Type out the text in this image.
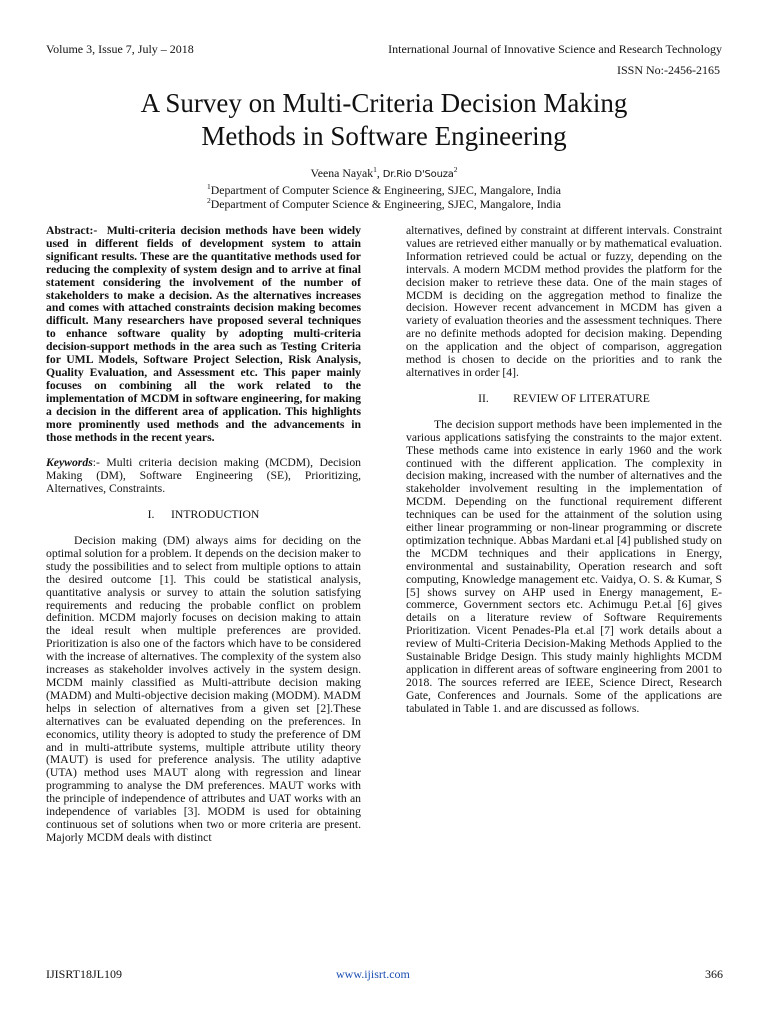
Volume 3, Issue 7, July – 2018	International Journal of Innovative Science and Research Technology
ISSN No:-2456-2165
A Survey on Multi-Criteria Decision Making
Methods in Software Engineering
Veena Nayak$^1$, Dr.Rio D'Souza$^2$
$^1$Department of Computer Science & Engineering, SJEC, Mangalore, India
$^2$Department of Computer Science & Engineering, SJEC, Mangalore, India

Abstract:- Multi-criteria decision methods have been widely used in different fields of development system to attain significant results. These are the quantitative methods used for reducing the complexity of system design and to arrive at final statement considering the involvement of the number of stakeholders to make a decision. As the alternatives increases and comes with attached constraints decision making becomes difficult. Many researchers have proposed several techniques to enhance software quality by adopting multi-criteria decision-support methods in the area such as Testing Criteria for UML Models, Software Project Selection, Risk Analysis, Quality Evaluation, and Assessment etc. This paper mainly focuses on combining all the work related to the implementation of MCDM in software engineering, for making a decision in the different area of application. This highlights more prominently used methods and the advancements in those methods in the recent years.

Keywords:- Multi criteria decision making (MCDM), Decision Making (DM), Software Engineering (SE), Prioritizing, Alternatives, Constraints.

I.		INTRODUCTION

Decision making (DM) always aims for deciding on the optimal solution for a problem. It depends on the decision maker to study the possibilities and to select from multiple options to attain the desired outcome [1]. This could be statistical analysis, quantitative analysis or survey to attain the solution satisfying requirements and reducing the probable conflict on problem definition. MCDM majorly focuses on decision making to attain the ideal result when multiple preferences are provided. Prioritization is also one of the factors which have to be considered with the increase of alternatives. The complexity of the system also increases as stakeholder involves actively in the system design. MCDM mainly classified as Multi-attribute decision making (MADM) and Multi-objective decision making (MODM). MADM helps in selection of alternatives from a given set [2].These alternatives can be evaluated depending on the preferences. In economics, utility theory is adopted to study the preference of DM and in multi-attribute systems, multiple attribute utility theory (MAUT) is used for preference analysis. The utility adaptive (UTA) method uses MAUT along with regression and linear programming to analyse the DM preferences. MAUT works with the principle of independence of attributes and UAT works with an independence of variables [3]. MODM is used for obtaining continuous set of solutions when two or more criteria are present. Majorly MCDM deals with distinct

alternatives, defined by constraint at different intervals. Constraint values are retrieved either manually or by mathematical evaluation. Information retrieved could be actual or fuzzy, depending on the intervals. A modern MCDM method provides the platform for the decision maker to retrieve these data. One of the main stages of MCDM is deciding on the aggregation method to finalize the decision. However recent advancement in MCDM has given a variety of evaluation theories and the assessment techniques. There are no definite methods adopted for decision making. Depending on the application and the object of comparison, aggregation method is chosen to decide on the priorities and to rank the alternatives in order [4].

II.		REVIEW OF LITERATURE

The decision support methods have been implemented in the various applications satisfying the constraints to the major extent. These methods came into existence in early 1960 and the work continued with the different application. The complexity in decision making, increased with the number of alternatives and the stakeholder involvement resulting in the implementation of MCDM. Depending on the functional requirement different techniques can be used for the attainment of the solution using either linear programming or non-linear programming or discrete optimization technique. Abbas Mardani et.al [4] published study on the MCDM techniques and their applications in Energy, environmental and sustainability, Operation research and soft computing, Knowledge management etc. Vaidya, O. S. & Kumar, S [5] shows survey on AHP used in Energy management, E-commerce, Government sectors etc. Achimugu P.et.al [6] gives details on a literature review of Software Requirements Prioritization. Vicent Penades-Pla et.al [7] work details about a review of Multi-Criteria Decision-Making Methods Applied to the Sustainable Bridge Design. This study mainly highlights MCDM application in different areas of software engineering from 2001 to 2018. The sources referred are IEEE, Science Direct, Research Gate, Conferences and Journals. Some of the applications are tabulated in Table 1. and are discussed as follows.

IJISRT18JL109	www.ijisrt.com	366
